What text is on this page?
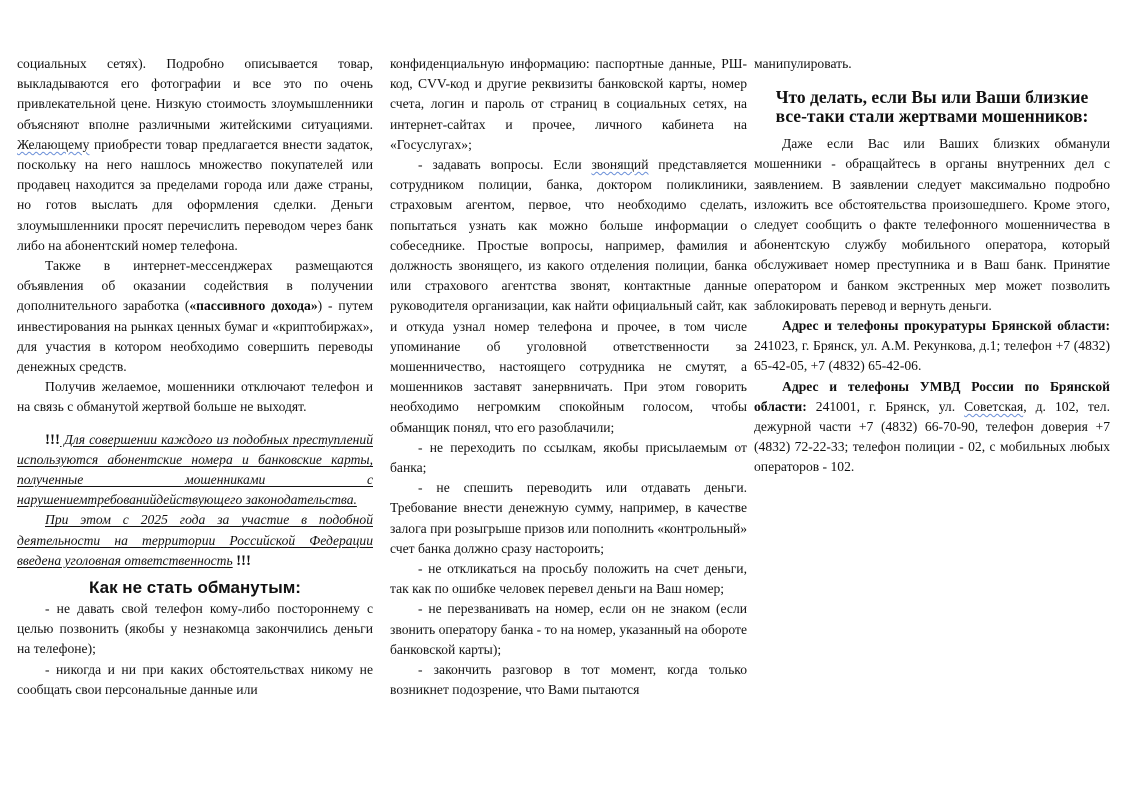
социальных сетях). Подробно описывается товар, выкладываются его фотографии и все это по очень привлекательной цене. Низкую стоимость злоумышленники объясняют вполне различными житейскими ситуациями. Желающему приобрести товар предлагается внести задаток, поскольку на него нашлось множество покупателей или продавец находится за пределами города или даже страны, но готов выслать для оформления сделки. Деньги злоумышленники просят перечислить переводом через банк либо на абонентский номер телефона.

Также в интернет-мессенджерах размещаются объявления об оказании содействия в получении дополнительного заработка («пассивного дохода») - путем инвестирования на рынках ценных бумаг и «криптобиржах», для участия в котором необходимо совершить переводы денежных средств.

Получив желаемое, мошенники отключают телефон и на связь с обманутой жертвой больше не выходят.

!!! Для совершении каждого из подобных преступлений используются абонентские номера и банковские карты, полученные мошенниками с нарушениемтребованийдействующего законодательства.

При этом с 2025 года за участие в подобной деятельности на территории Российской Федерации введена уголовная ответственность !!!

Как не стать обманутым:

- не давать свой телефон кому-либо постороннему с целью позвонить (якобы у незнакомца закончились деньги на телефоне);

- никогда и ни при каких обстоятельствах никому не сообщать свои персональные данные или

конфиденциальную информацию: паспортные данные, РШ-код, CVV-код и другие реквизиты банковской карты, номер счета, логин и пароль от страниц в социальных сетях, на интернет-сайтах и прочее, личного кабинета на «Госуслугах»;

- задавать вопросы. Если звонящий представляется сотрудником полиции, банка, доктором поликлиники, страховым агентом, первое, что необходимо сделать, попытаться узнать как можно больше информации о собеседнике. Простые вопросы, например, фамилия и должность звонящего, из какого отделения полиции, банка или страхового агентства звонят, контактные данные руководителя организации, как найти официальный сайт, как и откуда узнал номер телефона и прочее, в том числе упоминание об уголовной ответственности за мошенничество, настоящего сотрудника не смутят, а мошенников заставят занервничать. При этом говорить необходимо негромким спокойным голосом, чтобы обманщик понял, что его разоблачили;

- не переходить по ссылкам, якобы присылаемым от банка;

- не спешить переводить или отдавать деньги. Требование внести денежную сумму, например, в качестве залога при розыгрыше призов или пополнить «контрольный» счет банка должно сразу настороить;

- не откликаться на просьбу положить на счет деньги, так как по ошибке человек перевел деньги на Ваш номер;

- не перезванивать на номер, если он не знаком (если звонить оператору банка - то на номер, указанный на обороте банковской карты);

- закончить разговор в тот момент, когда только возникнет подозрение, что Вами пытаются

манипулировать.

Что делать, если Вы или Ваши близкие все-таки стали жертвами мошенников:

Даже если Вас или Ваших близких обманули мошенники - обращайтесь в органы внутренних дел с заявлением. В заявлении следует максимально подробно изложить все обстоятельства произошедшего. Кроме этого, следует сообщить о факте телефонного мошенничества в абонентскую службу мобильного оператора, который обслуживает номер преступника и в Ваш банк. Принятие оператором и банком экстренных мер может позволить заблокировать перевод и вернуть деньги.

Адрес и телефоны прокуратуры Брянской области: 241023, г. Брянск, ул. А.М. Рекункова, д.1; телефон +7 (4832) 65-42-05, +7 (4832) 65-42-06.

Адрес и телефоны УМВД России по Брянской области: 241001, г. Брянск, ул. Советская, д. 102, тел. дежурной части +7 (4832) 66-70-90, телефон доверия +7 (4832) 72-22-33; телефон полиции - 02, с мобильных любых операторов - 102.
